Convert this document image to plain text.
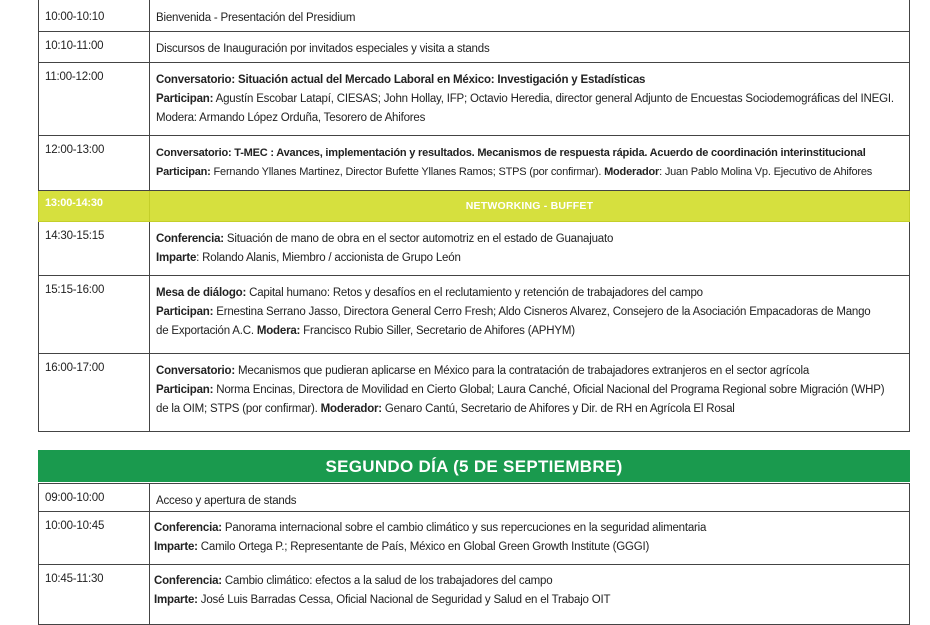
10:00-10:10	Bienvenida - Presentación del Presidium

10:10-11:00	Discursos de Inauguración por invitados especiales y visita a stands

11:00-12:00	Conversatorio: Situación actual del Mercado Laboral en México: Investigación y Estadísticas
Participan: Agustín Escobar Latapí, CIESAS; John Hollay, IFP; Octavio Heredia, director general Adjunto de Encuestas Sociodemográficas del INEGI.
Modera: Armando López Orduña, Tesorero de Ahifores

12:00-13:00	Conversatorio: T-MEC : Avances, implementación y resultados. Mecanismos de respuesta rápida. Acuerdo de coordinación interinstitucional
Participan: Fernando Yllanes Martinez, Director Bufette Yllanes Ramos; STPS (por confirmar). Moderador: Juan Pablo Molina Vp. Ejecutivo de Ahifores

13:00-14:30	NETWORKING - BUFFET
14:30-15:15	Conferencia: Situación de mano de obra en el sector automotriz en el estado de Guanajuato
Imparte: Rolando Alanis, Miembro / accionista de Grupo León

15:15-16:00	Mesa de diálogo: Capital humano: Retos y desafíos en el reclutamiento y retención de trabajadores del campo
Participan: Ernestina Serrano Jasso, Directora General Cerro Fresh; Aldo Cisneros Alvarez, Consejero de la Asociación Empacadoras de Mango
de Exportación A.C. Modera: Francisco Rubio Siller, Secretario de Ahifores (APHYM)

16:00-17:00	Conversatorio: Mecanismos que pudieran aplicarse en México para la contratación de trabajadores extranjeros en el sector agrícola
Participan: Norma Encinas, Directora de Movilidad en Cierto Global; Laura Canché, Oficial Nacional del Programa Regional sobre Migración (WHP)
de la OIM; STPS (por confirmar). Moderador: Genaro Cantú, Secretario de Ahifores y Dir. de RH en Agrícola El Rosal
SEGUNDO DÍA (5 DE SEPTIEMBRE)
09:00-10:00	Acceso y apertura de stands

10:00-10:45	Conferencia: Panorama internacional sobre el cambio climático y sus repercuciones en la seguridad alimentaria
Imparte: Camilo Ortega P.; Representante de País, México en Global Green Growth Institute (GGGI)

10:45-11:30	Conferencia: Cambio climático: efectos a la salud de los trabajadores del campo
Imparte: José Luis Barradas Cessa, Oficial Nacional de Seguridad y Salud en el Trabajo OIT
